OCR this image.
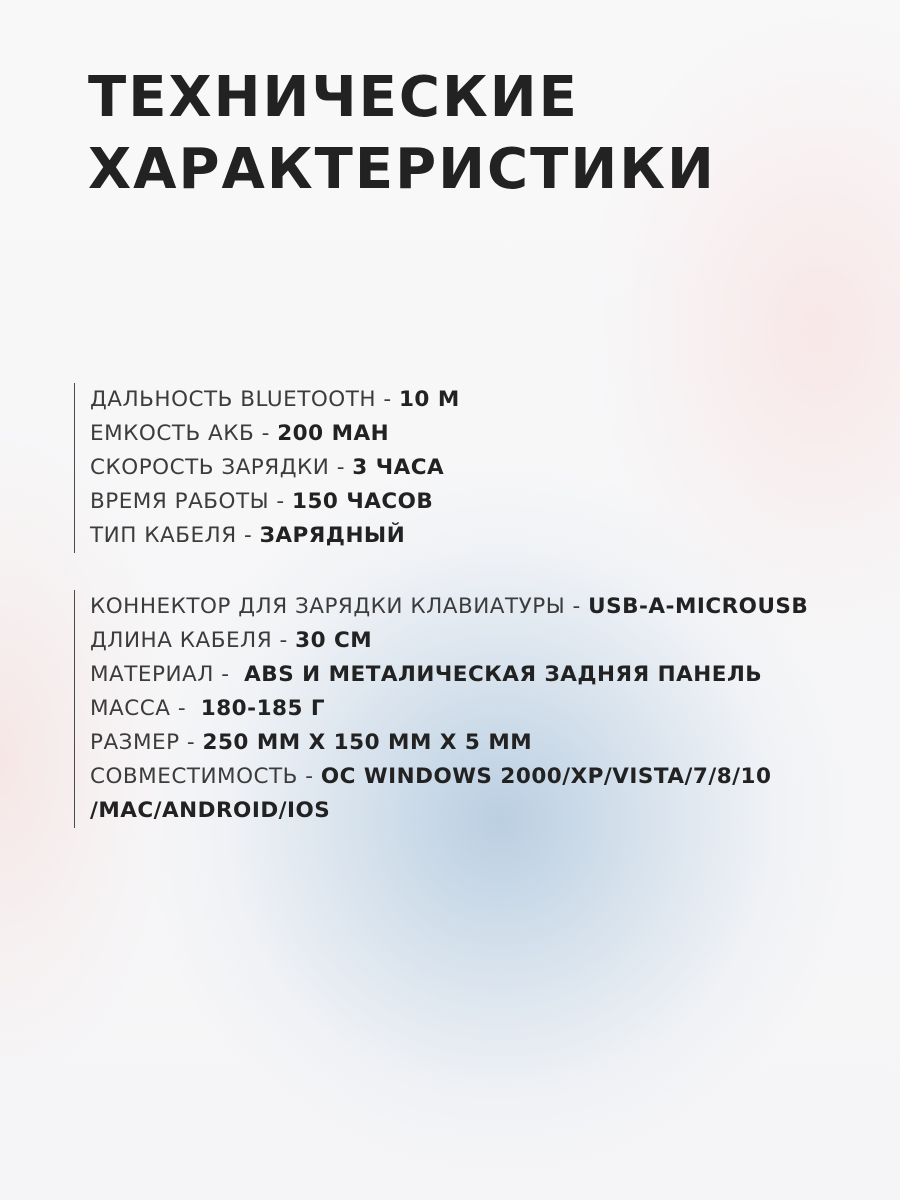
ТЕХНИЧЕСКИЕ
ХАРАКТЕРИСТИКИ

ДАЛЬНОСТЬ BLUETOOTH - 10 М

ЕМКОСТЬ АКБ - 200 MAH

СКОРОСТЬ ЗАРЯДКИ - 3 ЧАСА

ВРЕМЯ РАБОТЫ - 150 ЧАСОВ

ТИП КАБЕЛЯ - ЗАРЯДНЫЙ

КОННЕКТОР ДЛЯ ЗАРЯДКИ КЛАВИАТУРЫ - USB-A-MICROUSB

ДЛИНА КАБЕЛЯ - 30 СМ

МАТЕРИАЛ -  ABS И МЕТАЛИЧЕСКАЯ ЗАДНЯЯ ПАНЕЛЬ

МАССА -  180-185 Г

РАЗМЕР - 250 ММ Х 150 ММ Х 5 ММ

СОВМЕСТИМОСТЬ - OC WINDOWS 2000/XP/VISTA/7/8/10

/MAC/ANDROID/IOS
